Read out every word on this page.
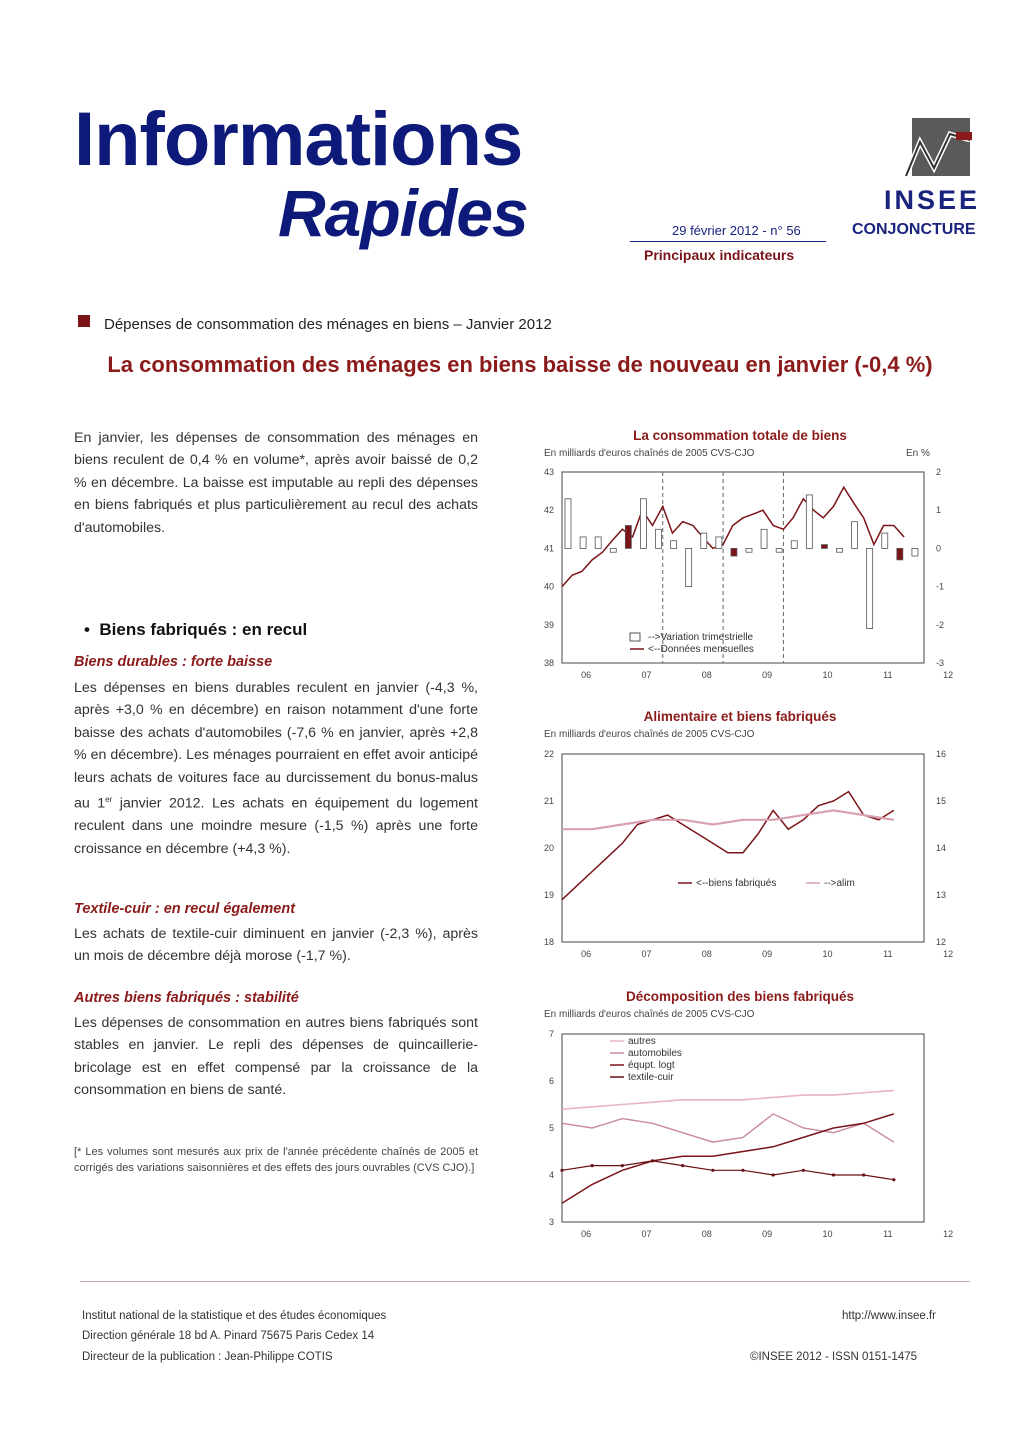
Informations
Rapides	29 février 2012 - n° 56
Principaux indicateurs
INSEE
CONJONCTURE
Dépenses de consommation des ménages en biens – Janvier 2012
La consommation des ménages en biens baisse de nouveau en janvier (-0,4 %)
En janvier, les dépenses de consommation des ménages en biens reculent de 0,4 % en volume*, après avoir baissé de 0,2 % en décembre. La baisse est imputable au repli des dépenses en biens fabriqués et plus particulièrement au recul des achats d'automobiles.
•  Biens fabriqués : en recul
Biens durables : forte baisse
Les dépenses en biens durables reculent en janvier (-4,3 %, après +3,0 % en décembre) en raison notamment d'une forte baisse des achats d'automobiles (-7,6 % en janvier, après +2,8 % en décembre). Les ménages pourraient en effet avoir anticipé leurs achats de voitures face au durcissement du bonus-malus au 1er janvier 2012. Les achats en équipement du logement reculent dans une moindre mesure (-1,5 %) après une forte croissance en décembre (+4,3 %).
Textile-cuir : en recul également
Les achats de textile-cuir diminuent en janvier (-2,3 %), après un mois de décembre déjà morose (-1,7 %).
Autres biens fabriqués : stabilité
Les dépenses de consommation en autres biens fabriqués sont stables en janvier. Le repli des dépenses de quincaillerie-bricolage est en effet compensé par la croissance de la consommation en biens de santé.
[* Les volumes sont mesurés aux prix de l'année précédente chaînés de 2005 et corrigés des variations saisonnières et des effets des jours ouvrables (CVS CJO).]
La consommation totale de biens
En milliards d'euros chaînés de 2005 CVS-CJO	En %
43
42
41
40
39
38
2
1
0
-1
-2
-3
06	07	08	09	10	11	12
-->Variation trimestrielle
<--Données mensuelles
Alimentaire et biens fabriqués
En milliards d'euros chaînés de 2005 CVS-CJO
22
21
20
19
18
16
15
14
13
12
06	07	08	09	10	11	12
<--biens fabriqués	-->alim
Décomposition des biens fabriqués
En milliards d'euros chaînés de 2005 CVS-CJO
7
6
5
4
3
06	07	08	09	10	11	12
autres
automobiles
équpt. logt
textile-cuir
Institut national de la statistique et des études économiques
Direction générale 18 bd A. Pinard 75675 Paris Cedex 14
Directeur de la publication : Jean-Philippe COTIS
http://www.insee.fr
©INSEE 2012 - ISSN 0151-1475
